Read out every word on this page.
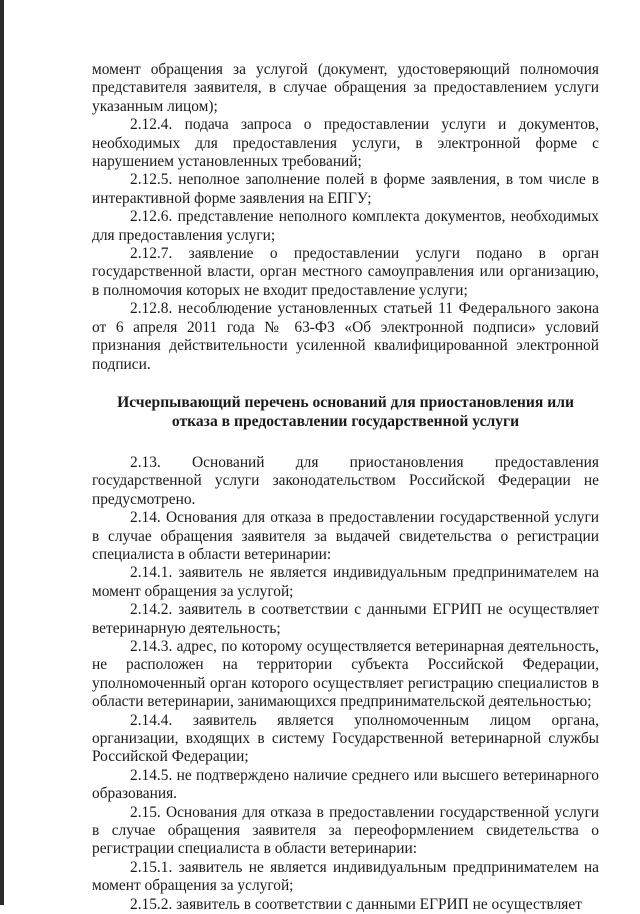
момент обращения за услугой (документ, удостоверяющий полномочия представителя заявителя, в случае обращения за предоставлением услуги указанным лицом);

2.12.4. подача запроса о предоставлении услуги и документов, необходимых для предоставления услуги, в электронной форме с нарушением установленных требований;

2.12.5. неполное заполнение полей в форме заявления, в том числе в интерактивной форме заявления на ЕПГУ;

2.12.6. представление неполного комплекта документов, необходимых для предоставления услуги;

2.12.7. заявление о предоставлении услуги подано в орган государственной власти, орган местного самоуправления или организацию, в полномочия которых не входит предоставление услуги;

2.12.8. несоблюдение установленных статьей 11 Федерального закона от 6 апреля 2011 года № 63-ФЗ «Об электронной подписи» условий признания действительности усиленной квалифицированной электронной подписи.

Исчерпывающий перечень оснований для приостановления или отказа в предоставлении государственной услуги

2.13. Оснований для приостановления предоставления государственной услуги законодательством Российской Федерации не предусмотрено.

2.14. Основания для отказа в предоставлении государственной услуги в случае обращения заявителя за выдачей свидетельства о регистрации специалиста в области ветеринарии:

2.14.1. заявитель не является индивидуальным предпринимателем на момент обращения за услугой;

2.14.2. заявитель в соответствии с данными ЕГРИП не осуществляет ветеринарную деятельность;

2.14.3. адрес, по которому осуществляется ветеринарная деятельность, не расположен на территории субъекта Российской Федерации, уполномоченный орган которого осуществляет регистрацию специалистов в области ветеринарии, занимающихся предпринимательской деятельностью;

2.14.4. заявитель является уполномоченным лицом органа, организации, входящих в систему Государственной ветеринарной службы Российской Федерации;

2.14.5. не подтверждено наличие среднего или высшего ветеринарного образования.

2.15. Основания для отказа в предоставлении государственной услуги в случае обращения заявителя за переоформлением свидетельства о регистрации специалиста в области ветеринарии:

2.15.1. заявитель не является индивидуальным предпринимателем на момент обращения за услугой;

2.15.2. заявитель в соответствии с данными ЕГРИП не осуществляет
